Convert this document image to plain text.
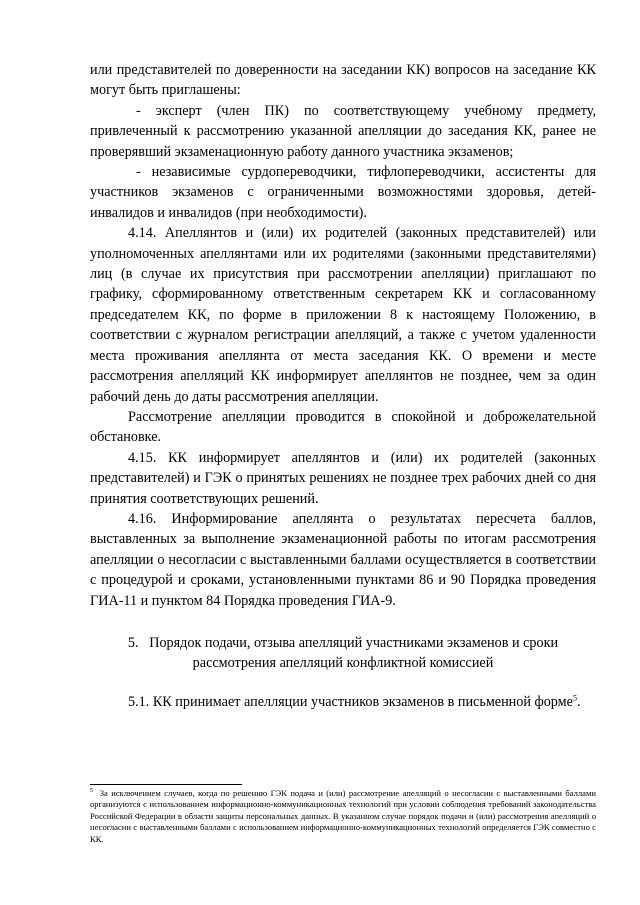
или представителей по доверенности на заседании КК) вопросов на заседание КК могут быть приглашены:

- эксперт (член ПК) по соответствующему учебному предмету, привлеченный к рассмотрению указанной апелляции до заседания КК, ранее не проверявший экзаменационную работу данного участника экзаменов;

- независимые сурдопереводчики, тифлопереводчики, ассистенты для участников экзаменов с ограниченными возможностями здоровья, детей-инвалидов и инвалидов (при необходимости).

4.14. Апеллянтов и (или) их родителей (законных представителей) или уполномоченных апеллянтами или их родителями (законными представителями) лиц (в случае их присутствия при рассмотрении апелляции) приглашают по графику, сформированному ответственным секретарем КК и согласованному председателем КК, по форме в приложении 8 к настоящему Положению, в соответствии с журналом регистрации апелляций, а также с учетом удаленности места проживания апеллянта от места заседания КК. О времени и месте рассмотрения апелляций КК информирует апеллянтов не позднее, чем за один рабочий день до даты рассмотрения апелляции.

Рассмотрение апелляции проводится в спокойной и доброжелательной обстановке.

4.15. КК информирует апеллянтов и (или) их родителей (законных представителей) и ГЭК о принятых решениях не позднее трех рабочих дней со дня принятия соответствующих решений.

4.16. Информирование апеллянта о результатах пересчета баллов, выставленных за выполнение экзаменационной работы по итогам рассмотрения апелляции о несогласии с выставленными баллами осуществляется в соответствии с процедурой и сроками, установленными пунктами 86 и 90 Порядка проведения ГИА-11 и пунктом 84 Порядка проведения ГИА-9.

5. Порядок подачи, отзыва апелляций участниками экзаменов и сроки
рассмотрения апелляций конфликтной комиссией

5.1. КК принимает апелляции участников экзаменов в письменной форме$^5$.

$^5$ За исключением случаев, когда по решению ГЭК подача и (или) рассмотрение апелляций о несогласии с выставленными баллами организуются с использованием информационно-коммуникационных технологий при условии соблюдения требований законодательства Российской Федерации в области защиты персональных данных. В указанном случае порядок подачи и (или) рассмотрения апелляций о несогласии с выставленными баллами с использованием информационно-коммуникационных технологий определяется ГЭК совместно с КК.
